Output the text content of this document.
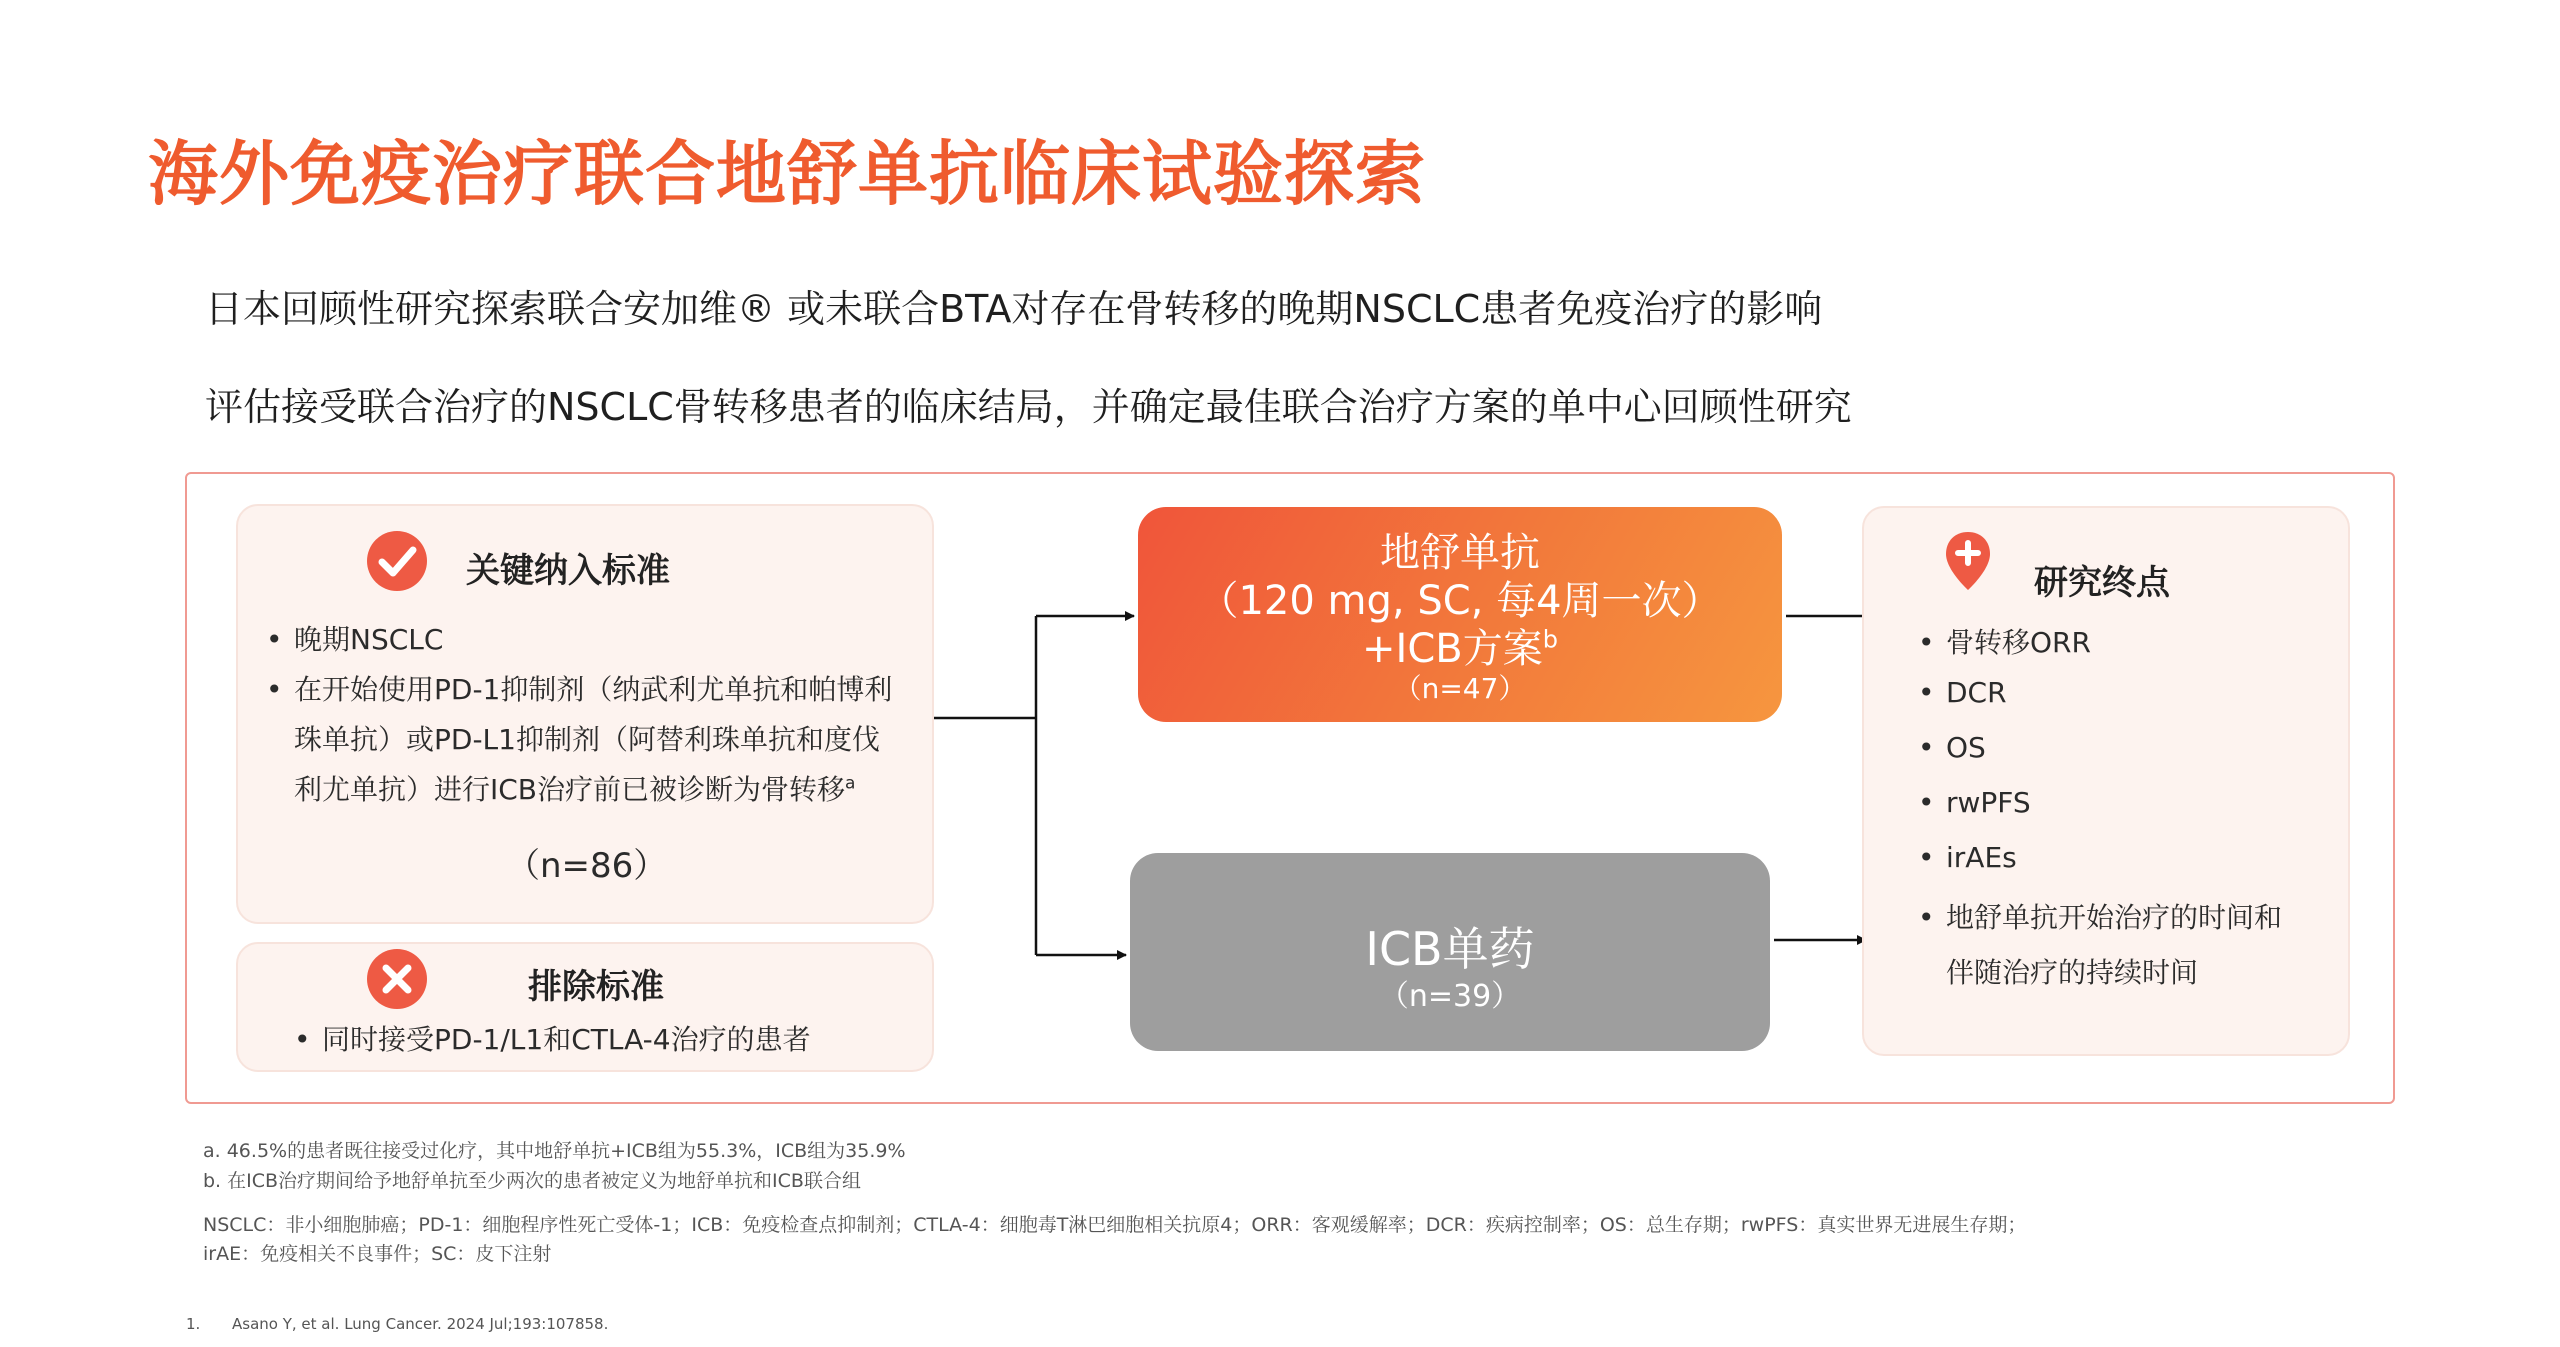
海外免疫治疗联合地舒单抗临床试验探索
日本回顾性研究探索联合安加维® 或未联合BTA对存在骨转移的晚期NSCLC患者免疫治疗的影响
评估接受联合治疗的NSCLC骨转移患者的临床结局，并确定最佳联合治疗方案的单中心回顾性研究
关键纳入标准
• 晚期NSCLC
• 在开始使用PD-1抑制剂（纳武利尤单抗和帕博利
珠单抗）或PD-L1抑制剂（阿替利珠单抗和度伐
利尤单抗）进行ICB治疗前已被诊断为骨转移$^a$
（n=86）
排除标准
• 同时接受PD-1/L1和CTLA-4治疗的患者
地舒单抗
（120 mg, SC, 每4周一次）
+ICB方案$^b$
（n=47）
ICB单药
（n=39）
研究终点
• 骨转移ORR
• DCR
• OS
• rwPFS
• irAEs
• 地舒单抗开始治疗的时间和
伴随治疗的持续时间
a. 46.5%的患者既往接受过化疗，其中地舒单抗+ICB组为55.3%，ICB组为35.9%
b. 在ICB治疗期间给予地舒单抗至少两次的患者被定义为地舒单抗和ICB联合组
NSCLC：非小细胞肺癌；PD-1：细胞程序性死亡受体-1；ICB：免疫检查点抑制剂；CTLA-4：细胞毒T淋巴细胞相关抗原4；ORR：客观缓解率；DCR：疾病控制率；OS：总生存期；rwPFS：真实世界无进展生存期；
irAE：免疫相关不良事件；SC：皮下注射
1. Asano Y, et al. Lung Cancer. 2024 Jul;193:107858.
